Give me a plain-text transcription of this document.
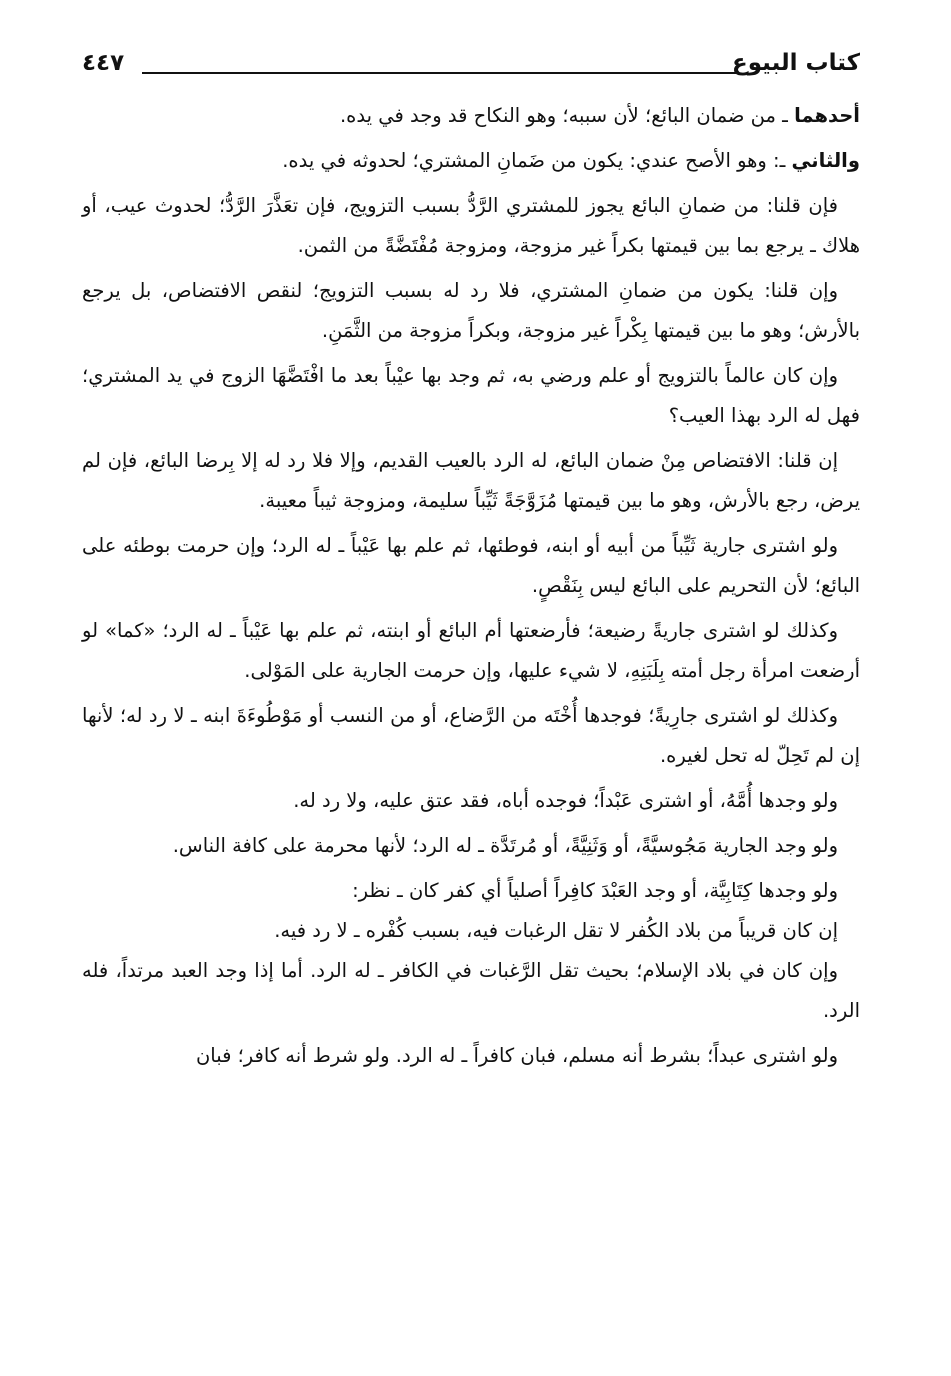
كتاب البيوع
٤٤٧

أحدهما ـ من ضمان البائع؛ لأن سببه؛ وهو النكاح قد وجد في يده.

والثاني ـ: وهو الأصح عندي: يكون من ضَمانِ المشتري؛ لحدوثه في يده.

فإن قلنا: من ضمانِ البائع يجوز للمشتري الرَّدُّ بسبب التزويج، فإن تعَذَّرَ الرَّدُّ؛ لحدوث عيب، أو هلاك ـ يرجع بما بين قيمتها بكراً غير مزوجة، ومزوجة مُفْتَضَّةً من الثمن.

وإن قلنا: يكون من ضمانِ المشتري، فلا رد له بسبب التزويج؛ لنقص الافتضاص، بل يرجع بالأرش؛ وهو ما بين قيمتها بِكْراً غير مزوجة، وبكراً مزوجة من الثَّمَنِ.

وإن كان عالماً بالتزويج أو علم ورضي به، ثم وجد بها عيْباً بعد ما افْتَضَّهَا الزوج في يد المشتري؛ فهل له الرد بهذا العيب؟

إن قلنا: الافتضاص مِنْ ضمان البائع، له الرد بالعيب القديم، وإلا فلا رد له إلا بِرضا البائع، فإن لم يرض، رجع بالأرش، وهو ما بين قيمتها مُزَوَّجَةً ثَيِّباً سليمة، ومزوجة ثيباً معيبة.

ولو اشترى جارية ثَيِّباً من أبيه أو ابنه، فوطئها، ثم علم بها عَيْباً ـ له الرد؛ وإن حرمت بوطئه على البائع؛ لأن التحريم على البائع ليس بِنَقْصٍ.

وكذلك لو اشترى جاريةً رضيعة؛ فأرضعتها أم البائع أو ابنته، ثم علم بها عَيْباً ـ له الرد؛ «كما» لو أرضعت امرأة رجل أمته بِلَبَنِهِ، لا شيء عليها، وإن حرمت الجارية على المَوْلى.

وكذلك لو اشترى جارِيةً؛ فوجدها أُخْتَه من الرَّضاع، أو من النسب أو مَوْطُوءَةَ ابنه ـ لا رد له؛ لأنها إن لم تَحِلّ له تحل لغيره.

ولو وجدها أُمَّهُ، أو اشترى عَبْداً؛ فوجده أباه، فقد عتق عليه، ولا رد له.

ولو وجد الجارية مَجُوسيَّةً، أو وَثَنِيَّةً، أو مُرتَدَّة ـ له الرد؛ لأنها محرمة على كافة الناس.

ولو وجدها كِتَابِيَّة، أو وجد العَبْدَ كافِراً أصلياً أي كفر كان ـ نظر:

إن كان قريباً من بلاد الكُفر لا تقل الرغبات فيه، بسبب كُفْره ـ لا رد فيه.

وإن كان في بلاد الإسلام؛ بحيث تقل الرَّغبات في الكافر ـ له الرد. أما إذا وجد العبد مرتداً، فله الرد.

ولو اشترى عبداً؛ بشرط أنه مسلم، فبان كافراً ـ له الرد. ولو شرط أنه كافر؛ فبان
